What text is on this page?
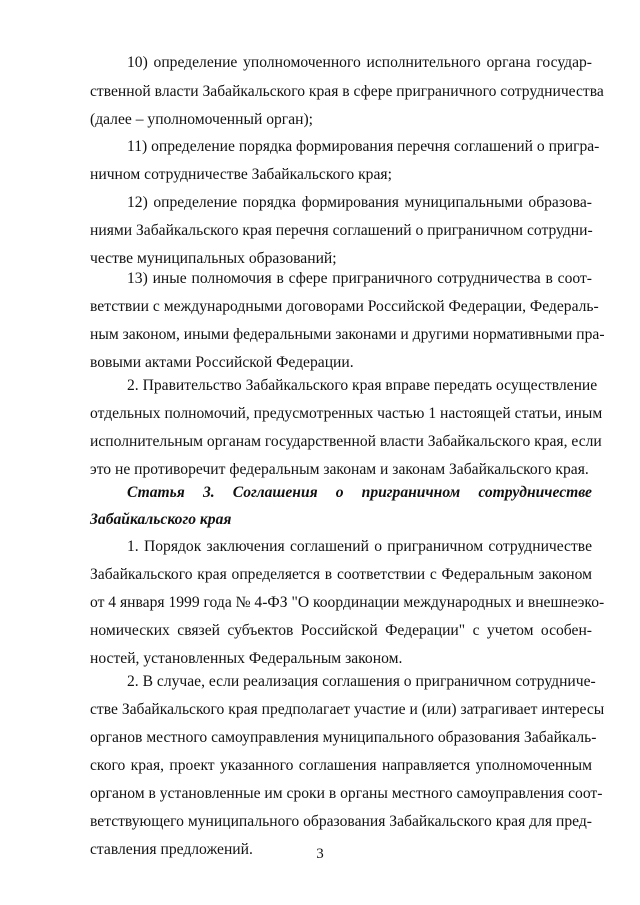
10) определение уполномоченного исполнительного органа государ-
ственной власти Забайкальского края в сфере приграничного сотрудничества
(далее – уполномоченный орган);
11) определение порядка формирования перечня соглашений о пригра-
ничном сотрудничестве Забайкальского края;
12) определение порядка формирования муниципальными образова-
ниями Забайкальского края перечня соглашений о приграничном сотрудни-
честве муниципальных образований;
13) иные полномочия в сфере приграничного сотрудничества в соот-
ветствии с международными договорами Российской Федерации, Федераль-
ным законом, иными федеральными законами и другими нормативными пра-
вовыми актами Российской Федерации.
2. Правительство Забайкальского края вправе передать осуществление
отдельных полномочий, предусмотренных частью 1 настоящей статьи, иным
исполнительным органам государственной власти Забайкальского края, если
это не противоречит федеральным законам и законам Забайкальского края.
Статья 3. Соглашения о приграничном сотрудничестве
Забайкальского края
1. Порядок заключения соглашений о приграничном сотрудничестве
Забайкальского края определяется в соответствии с Федеральным законом
от 4 января 1999 года № 4-ФЗ "О координации международных и внешнеэко-
номических связей субъектов Российской Федерации" с учетом особен-
ностей, установленных Федеральным законом.
2. В случае, если реализация соглашения о приграничном сотрудниче-
стве Забайкальского края предполагает участие и (или) затрагивает интересы
органов местного самоуправления муниципального образования Забайкаль-
ского края, проект указанного соглашения направляется уполномоченным
органом в установленные им сроки в органы местного самоуправления соот-
ветствующего муниципального образования Забайкальского края для пред-
ставления предложений.	3
